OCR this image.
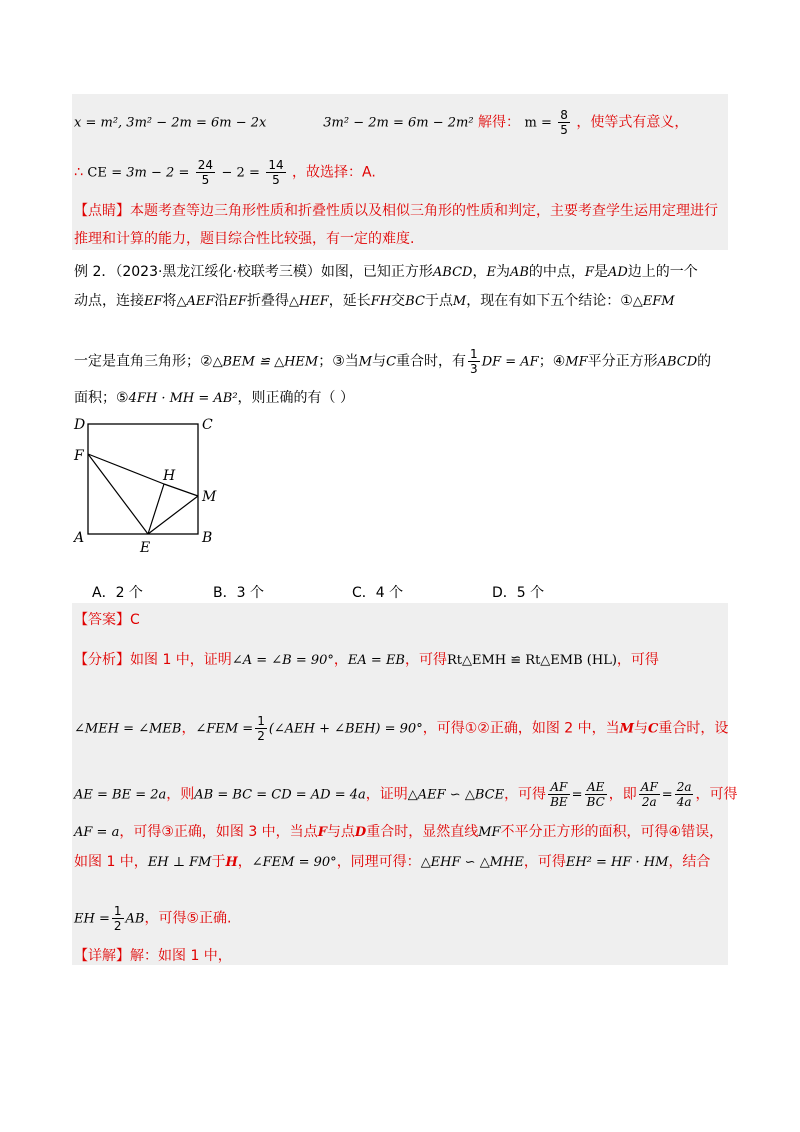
x = m², 3m² − 2m = 6m − 2x	3m² − 2m = 6m − 2m² 解得： $m = \frac{8}{5}$ ，使等式有意义，
∴ CE = $3m - 2 = \frac{24}{5} - 2 = \frac{14}{5}$ ，故选择：A.
【点睛】本题考查等边三角形性质和折叠性质以及相似三角形的性质和判定，主要考查学生运用定理进行
推理和计算的能力，题目综合性比较强，有一定的难度.
例 2．（2023·黑龙江绥化·校联考三模）如图，已知正方形ABCD，E为AB的中点，F是AD边上的一个
动点，连接EF将△AEF沿EF折叠得△HEF，延长FH交BC于点M，现在有如下五个结论：①△EFM
一定是直角三角形；②△BEM ≌ △HEM；③当M与C重合时，有 $\frac{1}{3}$ DF = AF；④MF平分正方形ABCD的
面积；⑤4FH · MH = AB²，则正确的有（ ）
D	C
F
H
M
A
E
B
A．2 个	B．3 个	C．4 个	D．5 个
【答案】C
【分析】如图 1 中，证明∠A = ∠B = 90°，EA = EB，可得Rt△EMH ≌ Rt△EMB (HL)，可得
∠MEH = ∠MEB，∠FEM = $\frac{1}{2}$ (∠AEH + ∠BEH) = 90°，可得①②正确，如图 2 中，当M与C重合时，设
AE = BE = 2a，则AB = BC = CD = AD = 4a，证明△AEF ∽ △BCE，可得 $\frac{AF}{BE} = \frac{AE}{BC}$ ，即 $\frac{AF}{2a} = \frac{2a}{4a}$ ，可得
AF = a，可得③正确，如图 3 中，当点F与点D重合时，显然直线MF不平分正方形的面积，可得④错误，
如图 1 中，EH ⊥ FM于H，∠FEM = 90°，同理可得：△EHF ∽ △MHE，可得EH² = HF · HM，结合
EH = $\frac{1}{2}$ AB，可得⑤正确.
【详解】解：如图 1 中，
